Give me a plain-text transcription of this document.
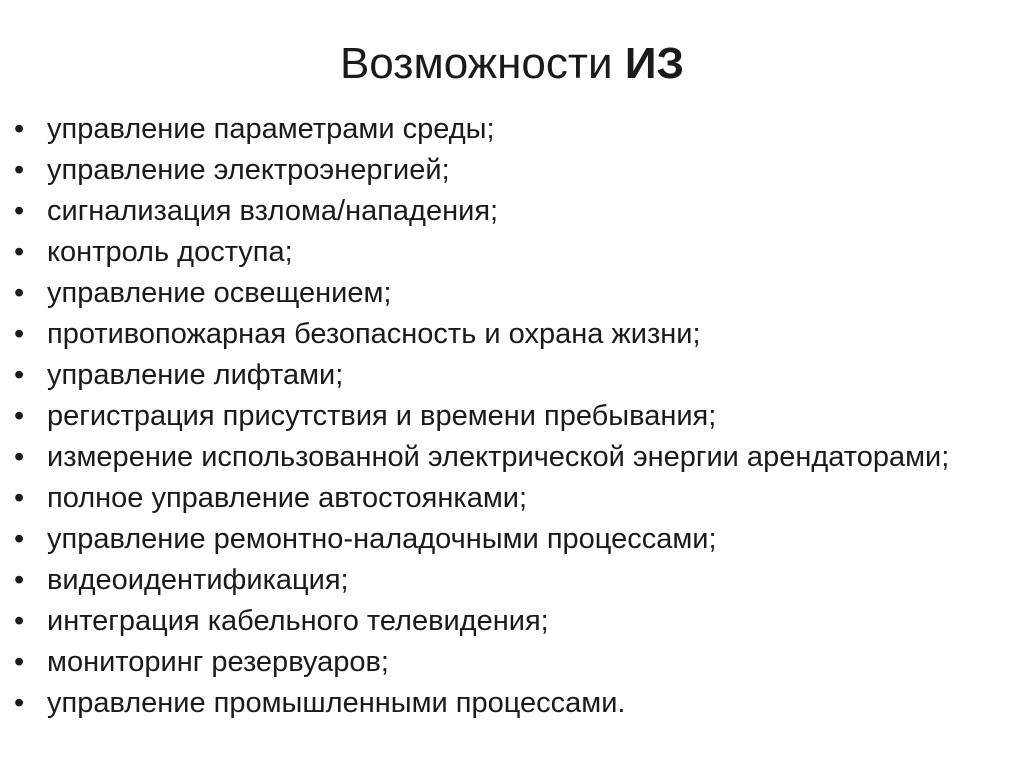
Возможности ИЗ
• управление параметрами среды;
• управление электроэнергией;
• сигнализация взлома/нападения;
• контроль доступа;
• управление освещением;
• противопожарная безопасность и охрана жизни;
• управление лифтами;
• регистрация присутствия и времени пребывания;
• измерение использованной электрической энергии арендаторами;
• полное управление автостоянками;
• управление ремонтно-наладочными процессами;
• видеоидентификация;
• интеграция кабельного телевидения;
• мониторинг резервуаров;
• управление промышленными процессами.
